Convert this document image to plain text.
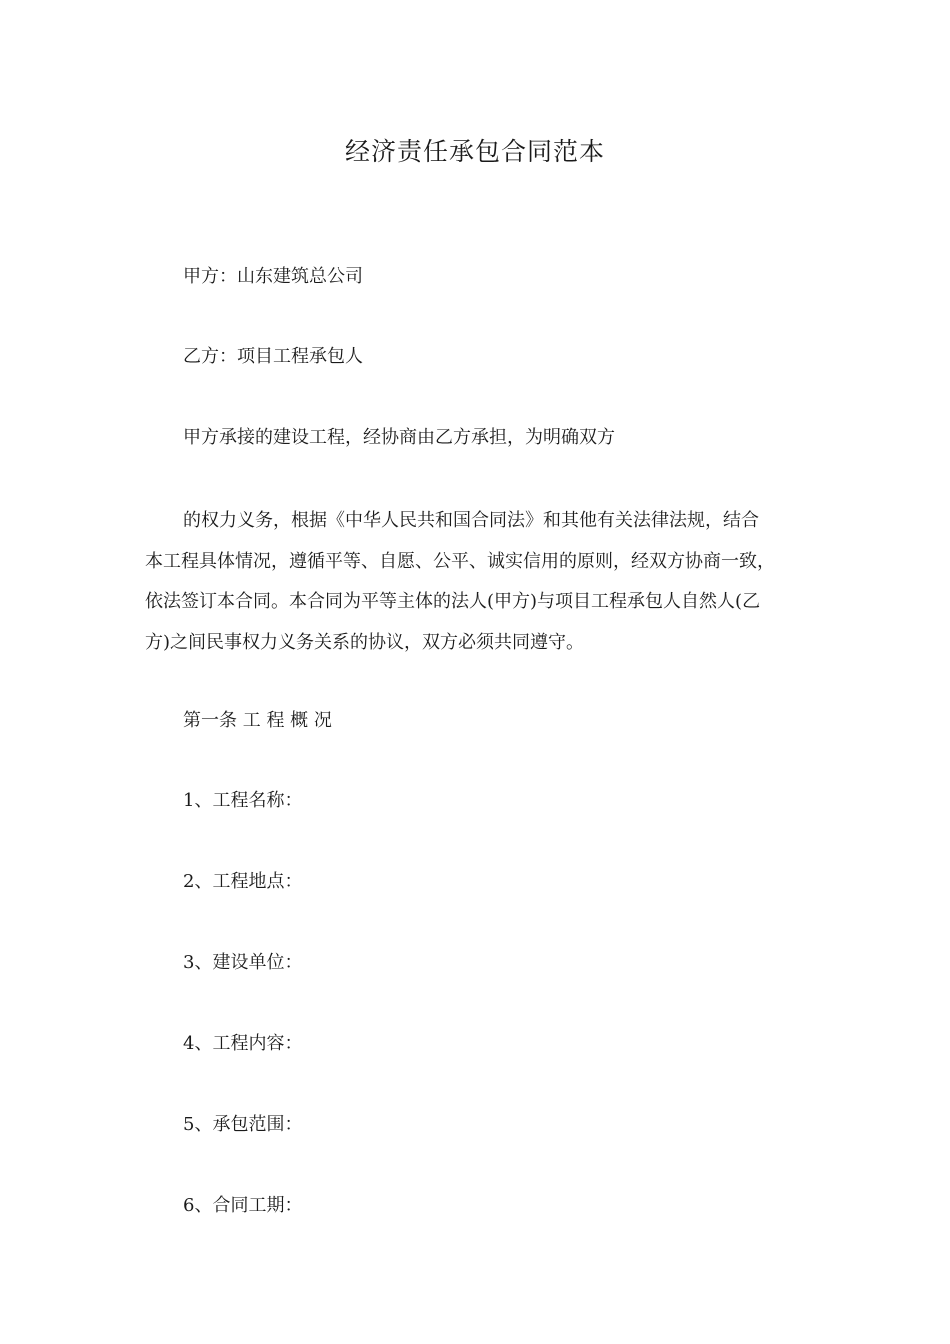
经济责任承包合同范本
甲方：山东建筑总公司
乙方：项目工程承包人
甲方承接的建设工程，经协商由乙方承担，为明确双方
的权力义务，根据《中华人民共和国合同法》和其他有关法律法规，结合
本工程具体情况，遵循平等、自愿、公平、诚实信用的原则，经双方协商一致，
依法签订本合同。本合同为平等主体的法人(甲方)与项目工程承包人自然人(乙
方)之间民事权力义务关系的协议，双方必须共同遵守。
第一条 工 程 概 况
1、工程名称：
2、工程地点：
3、建设单位：
4、工程内容：
5、承包范围：
6、合同工期：
